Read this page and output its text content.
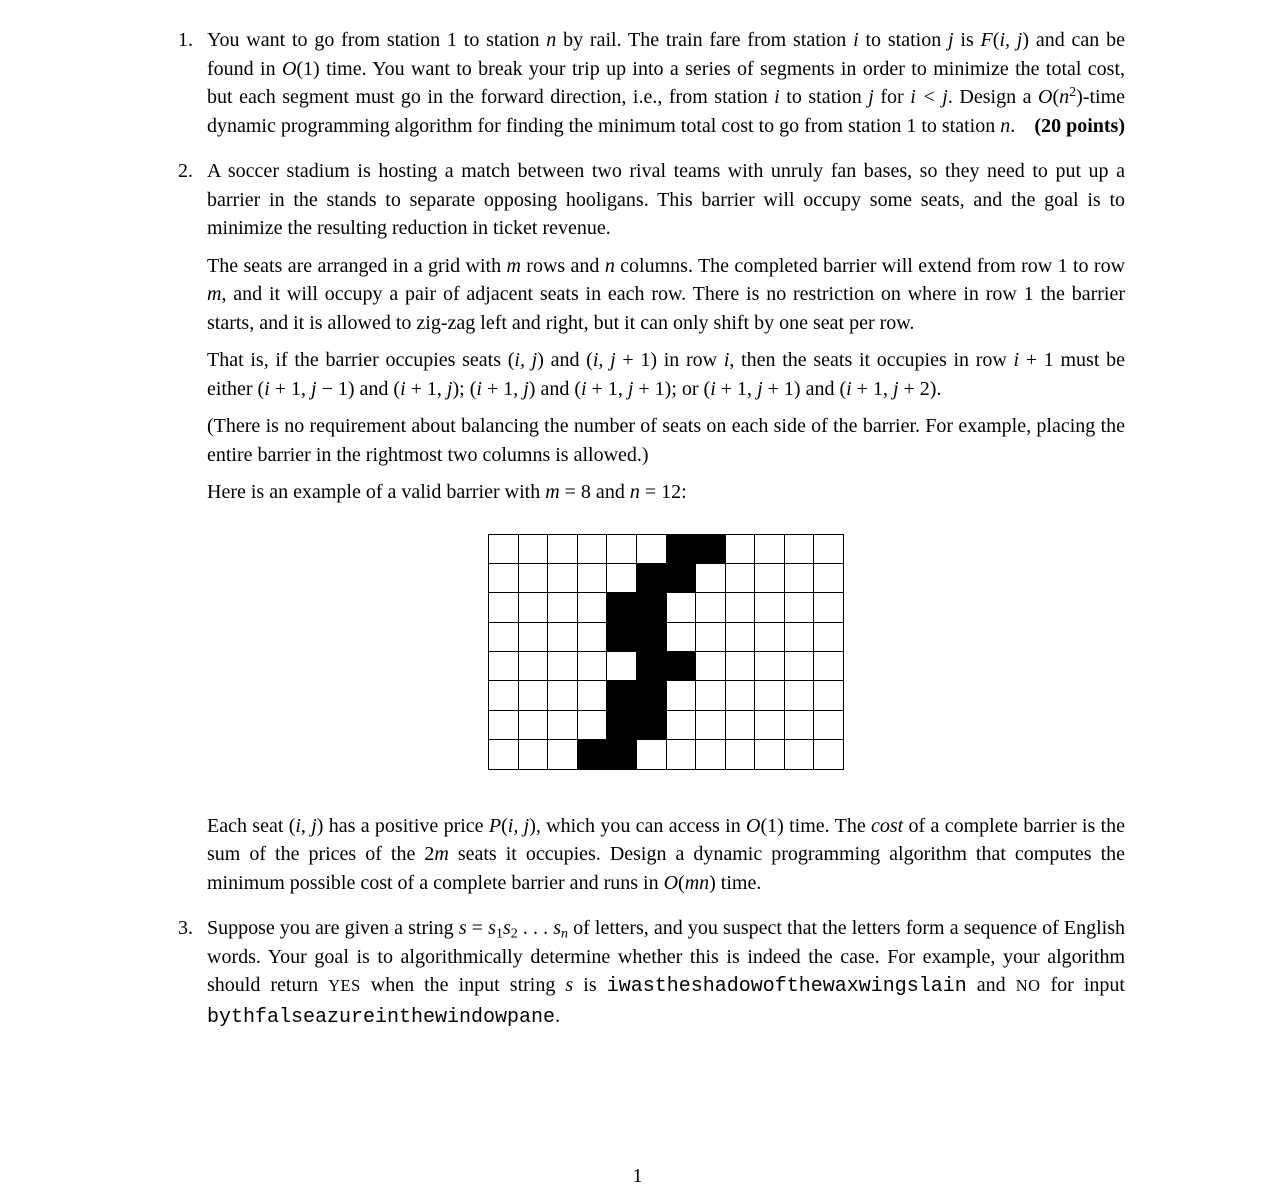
1. You want to go from station 1 to station n by rail. The train fare from station i to station j is F(i, j) and can be found in O(1) time. You want to break your trip up into a series of segments in order to minimize the total cost, but each segment must go in the forward direction, i.e., from station i to station j for i < j. Design a $O(n^2)$-time dynamic programming algorithm for finding the minimum total cost to go from station 1 to station n. (20 points)

2. A soccer stadium is hosting a match between two rival teams with unruly fan bases, so they need to put up a barrier in the stands to separate opposing hooligans. This barrier will occupy some seats, and the goal is to minimize the resulting reduction in ticket revenue.

The seats are arranged in a grid with m rows and n columns. The completed barrier will extend from row 1 to row m, and it will occupy a pair of adjacent seats in each row. There is no restriction on where in row 1 the barrier starts, and it is allowed to zig-zag left and right, but it can only shift by one seat per row.

That is, if the barrier occupies seats (i, j) and (i, j + 1) in row i, then the seats it occupies in row i + 1 must be either (i + 1, j − 1) and (i + 1, j); (i + 1, j) and (i + 1, j + 1); or (i + 1, j + 1) and (i + 1, j + 2).

(There is no requirement about balancing the number of seats on each side of the barrier. For example, placing the entire barrier in the rightmost two columns is allowed.)

Here is an example of a valid barrier with m = 8 and n = 12:

Each seat (i, j) has a positive price P(i, j), which you can access in O(1) time. The cost of a complete barrier is the sum of the prices of the 2m seats it occupies. Design a dynamic programming algorithm that computes the minimum possible cost of a complete barrier and runs in O(mn) time.

3. Suppose you are given a string $s = s_1s_2$ . . . $s_n$ of letters, and you suspect that the letters form a sequence of English words. Your goal is to algorithmically determine whether this is indeed the case. For example, your algorithm should return YES when the input string s is iwastheshadowofthewaxwingslain and NO for input bythfalseazureinthewindowpane.

1
